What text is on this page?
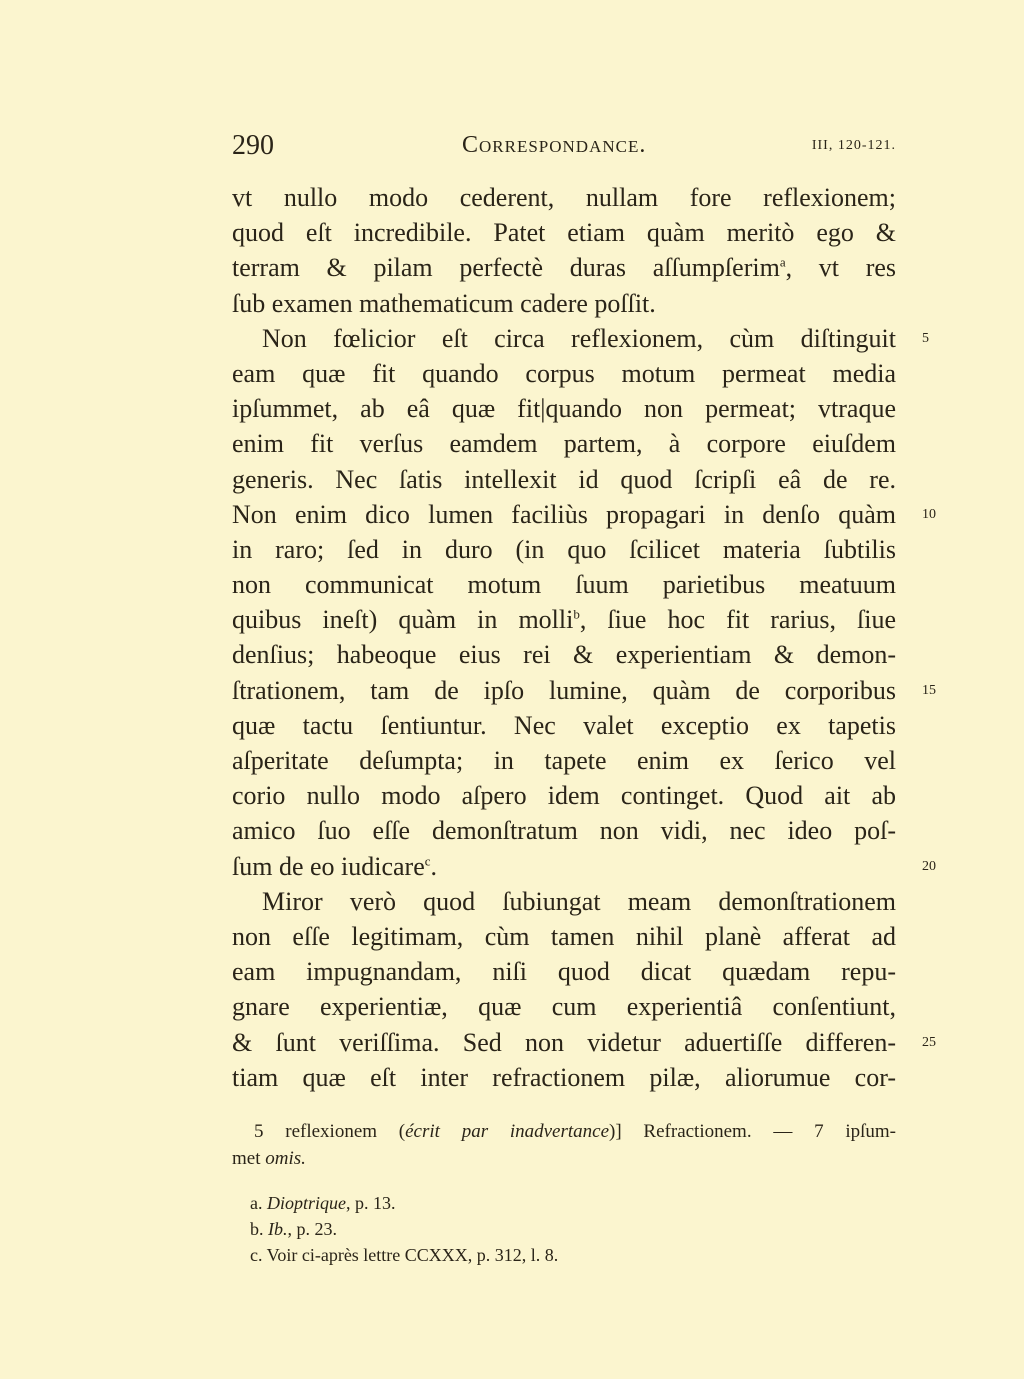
290	Correspondance.	III, 120-121.
vt nullo modo cederent, nullam fore reflexionem;
quod eſt incredibile. Patet etiam quàm meritò ego &
terram & pilam perfectè duras aſſumpſerim$^a$, vt res
ſub examen mathematicum cadere poſſit.
Non fœlicior eſt circa reflexionem, cùm diſtinguit 5
eam quæ fit quando corpus motum permeat media
ipſummet, ab eâ quæ fit|quando non permeat; vtraque
enim fit verſus eamdem partem, à corpore eiuſdem
generis. Nec ſatis intellexit id quod ſcripſi eâ de re.
Non enim dico lumen faciliùs propagari in denſo quàm 10
in raro; ſed in duro (in quo ſcilicet materia ſubtilis
non communicat motum ſuum parietibus meatuum
quibus ineſt) quàm in molli$^b$, ſiue hoc fit rarius, ſiue
denſius; habeoque eius rei & experientiam & demon-
ſtrationem, tam de ipſo lumine, quàm de corporibus 15
quæ tactu ſentiuntur. Nec valet exceptio ex tapetis
aſperitate deſumpta; in tapete enim ex ſerico vel
corio nullo modo aſpero idem continget. Quod ait ab
amico ſuo eſſe demonſtratum non vidi, nec ideo poſ-
ſum de eo iudicare$^c$.	20
Miror verò quod ſubiungat meam demonſtrationem
non eſſe legitimam, cùm tamen nihil planè afferat ad
eam impugnandam, niſi quod dicat quædam repu-
gnare experientiæ, quæ cum experientiâ conſentiunt,
& ſunt veriſſima. Sed non videtur aduertiſſe differen- 25
tiam quæ eſt inter refractionem pilæ, aliorumue cor-
5 reflexionem (écrit par inadvertance)] Refractionem. — 7 ipſum-
met omis.
a. Dioptrique, p. 13.
b. Ib., p. 23.
c. Voir ci-après lettre CCXXX, p. 312, l. 8.
